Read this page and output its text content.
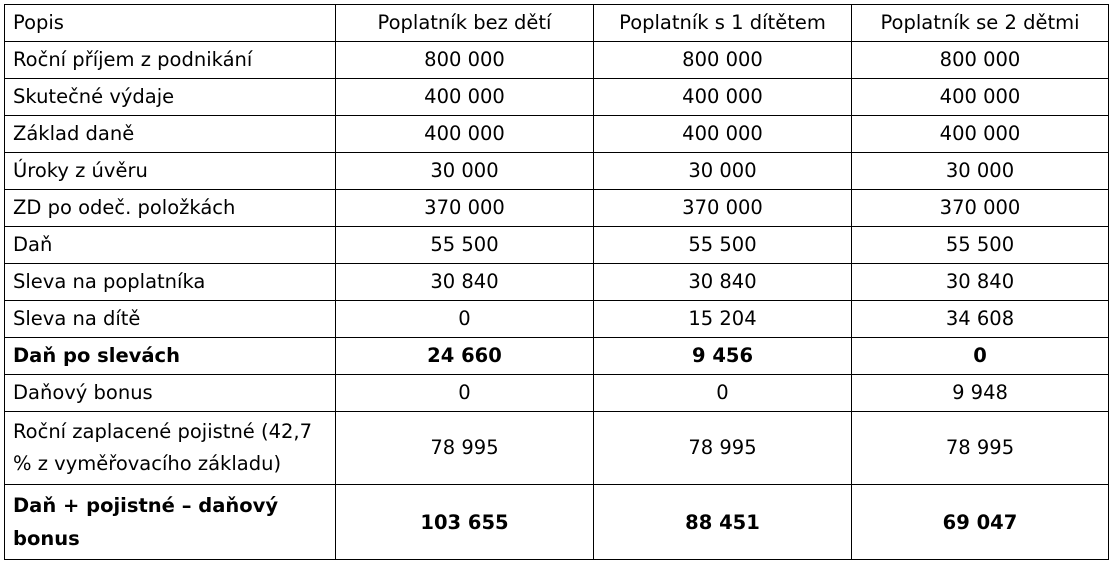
Popis	Poplatník bez dětí	Poplatník s 1 dítětem	Poplatník se 2 dětmi
Roční příjem z podnikání	800 000	800 000	800 000
Skutečné výdaje	400 000	400 000	400 000
Základ daně	400 000	400 000	400 000
Úroky z úvěru	30 000	30 000	30 000
ZD po odeč. položkách	370 000	370 000	370 000
Daň	55 500	55 500	55 500
Sleva na poplatníka	30 840	30 840	30 840
Sleva na dítě	0	15 204	34 608
Daň po slevách	24 660	9 456	0
Daňový bonus	0	0	9 948
Roční zaplacené pojistné (42,7 % z vyměřovacího základu)	78 995	78 995	78 995
Daň + pojistné – daňový bonus	103 655	88 451	69 047
